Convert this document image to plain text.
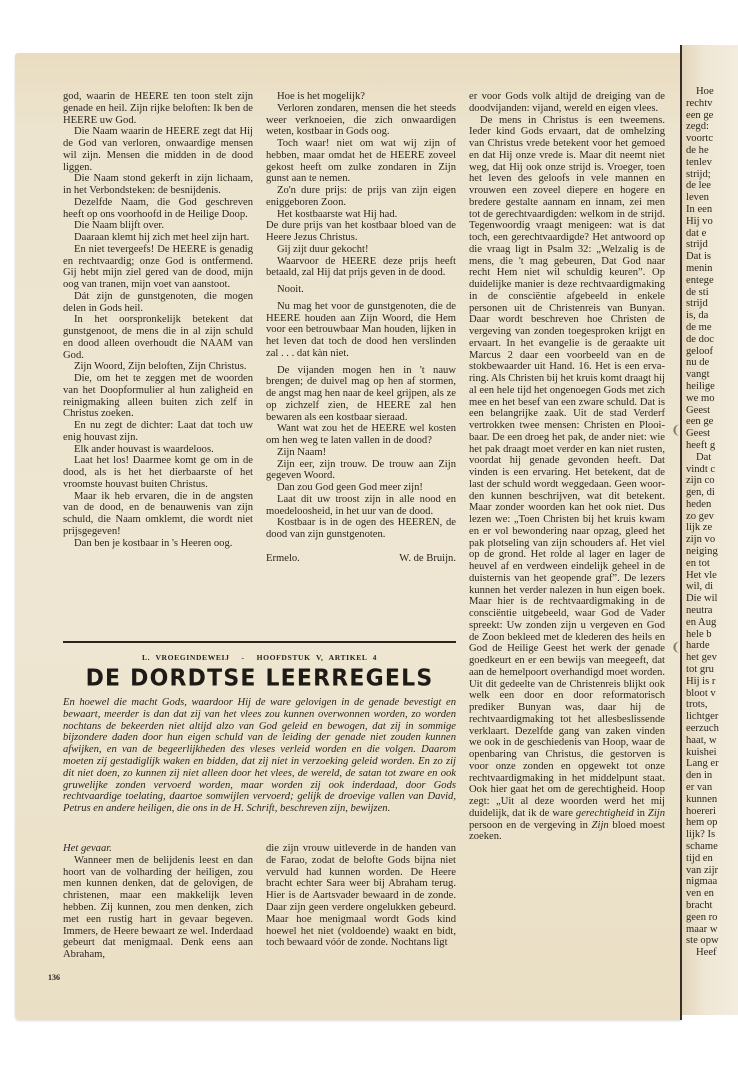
god, waarin de HEERE ten toon stelt zijn genade en heil. Zijn rijke beloften: Ik ben de HEERE uw God.

Die Naam waarin de HEERE zegt dat Hij de God van verloren, onwaardige mensen wil zijn. Mensen die midden in de dood liggen.

Die Naam stond gekerft in zijn lichaam, in het Verbondsteken: de besnijdenis.

Dezelfde Naam, die God geschreven heeft op ons voorhoofd in de Heilige Doop.

Die Naam blijft over.

Daaraan klemt hij zich met heel zijn hart.

En niet tevergeefs! De HEERE is genadig en rechtvaardig; onze God is ontfermend. Gij hebt mijn ziel gered van de dood, mijn oog van tranen, mijn voet van aanstoot.

Dát zijn de gunstgenoten, die mogen delen in Gods heil.

In het oorspronkelijk betekent dat gunstgenoot, de mens die in al zijn schuld en dood alleen overhoudt die NAAM van God.

Zijn Woord, Zijn beloften, Zijn Christus.

Die, om het te zeggen met de woorden van het Doopformulier al hun zaligheid en reinigmaking alleen buiten zich zelf in Christus zoeken.

En nu zegt de dichter: Laat dat toch uw enig houvast zijn.

Elk ander houvast is waardeloos.

Laat het los! Daarmee komt ge om in de dood, als is het het dierbaarste of het vroomste houvast buiten Christus.

Maar ik heb ervaren, die in de angsten van de dood, en de benauwenis van zijn schuld, die Naam omklemt, die wordt niet prijsgegeven!

Dan ben je kostbaar in 's Heeren oog.

Hoe is het mogelijk?

Verloren zondaren, mensen die het steeds weer verknoeien, die zich onwaardigen weten, kostbaar in Gods oog.

Toch waar! niet om wat wij zijn of hebben, maar omdat het de HEERE zoveel gekost heeft om zulke zondaren in Zijn gunst aan te nemen.

Zo'n dure prijs: de prijs van zijn eigen eniggeboren Zoon.

Het kostbaarste wat Hij had.

De dure prijs van het kostbaar bloed van de Heere Jezus Christus.

Gij zijt duur gekocht!

Waarvoor de HEERE deze prijs heeft betaald, zal Hij dat prijs geven in de dood.

Nooit.

Nu mag het voor de gunstgenoten, die de HEERE houden aan Zijn Woord, die Hem voor een betrouwbaar Man houden, lijken in het leven dat toch de dood hen verslinden zal . . . dat kàn niet.

De vijanden mogen hen in 't nauw brengen; de duivel mag op hen af stormen, de angst mag hen naar de keel grijpen, als ze op zichzelf zien, de HEERE zal hen bewaren als een kostbaar sieraad.

Want wat zou het de HEERE wel kosten om hen weg te laten vallen in de dood?

Zijn Naam!

Zijn eer, zijn trouw. De trouw aan Zijn gegeven Woord.

Dan zou God geen God meer zijn!

Laat dit uw troost zijn in alle nood en moedeloosheid, in het uur van de dood.

Kostbaar is in de ogen des HEEREN, de dood van zijn gunstgenoten.

Ermelo.	W. de Bruijn.
L. VROEGINDEWEIJ - HOOFDSTUK V, ARTIKEL 4
DE DORDTSE LEERREGELS
En hoewel die macht Gods, waardoor Hij de ware gelovigen in de genade bevestigt en bewaart, meerder is dan dat zij van het vlees zou kunnen overwonnen worden, zo worden nochtans de bekeerden niet altijd alzo van God geleid en bewogen, dat zij in sommige bijzondere daden door hun eigen schuld van de leiding der genade niet zouden kunnen afwijken, en van de begeerlijkheden des vleses verleid worden en die volgen. Daarom moeten zij gestadiglijk waken en bidden, dat zij niet in verzoeking geleid worden. En zo zij dit niet doen, zo kunnen zij niet alleen door het vlees, de wereld, de satan tot zware en ook gruwelijke zonden vervoerd worden, maar worden zij ook inderdaad, door Gods rechtvaardige toelating, daartoe somwijlen vervoerd; gelijk de droevige vallen van David, Petrus en andere heiligen, die ons in de H. Schrift, beschreven zijn, bewijzen.

Het gevaar.

Wanneer men de belijdenis leest en dan hoort van de volharding der heiligen, zou men kunnen denken, dat de gelovigen, de christenen, maar een makkelijk leven hebben. Zij kunnen, zou men denken, zich met een rustig hart in gevaar begeven. Immers, de Heere bewaart ze wel. Inderdaad gebeurt dat menigmaal. Denk eens aan Abraham,

die zijn vrouw uitleverde in de handen van de Farao, zodat de belofte Gods bijna niet vervuld had kunnen worden. De Heere bracht echter Sara weer bij Abraham terug. Hier is de Aartsvader bewaard in de zonde. Daar zijn geen verdere ongelukken gebeurd. Maar hoe menigmaal wordt Gods kind hoewel het niet (voldoende) waakt en bidt, toch bewaard vóór de zonde. Nochtans ligt

er voor Gods volk altijd de dreiging van de doodvijanden: vijand, wereld en eigen vlees.

De mens in Christus is een tweemens. Ieder kind Gods ervaart, dat de omhelzing van Christus vrede betekent voor het gemoed en dat Hij onze vrede is. Maar dit neemt niet weg, dat Hij ook onze strijd is. Vroeger, toen het leven des geloofs in vele mannen en vrouwen een zoveel diepere en hogere en bredere gestalte aannam en innam, zei men tot de gerechtvaardigden: welkom in de strijd. Tegenwoordig vraagt menigeen: wat is dat toch, een gerechtvaardigde? Het antwoord op die vraag ligt in Psalm 32: „Welzalig is de mens, die 't mag gebeuren, Dat God naar recht Hem niet wil schuldig keuren”. Op duidelijke manier is deze rechtvaardigmaking in de consciëntie afgebeeld in enkele personen uit de Christenreis van Bunyan. Daar wordt beschreven hoe Christen de vergeving van zonden toegesproken krijgt en ervaart. In het evangelie is de geraakte uit Marcus 2 daar een voorbeeld van en de stokbewaarder uit Hand. 16. Het is een ervaring. Als Christen bij het kruis komt draagt hij al een hele tijd het ongenoegen Gods met zich mee en het besef van een zware schuld. Dat is een belangrijke zaak. Uit de stad Verderf vertrokken twee mensen: Christen en Plooibaar. De een droeg het pak, de ander niet: wie het pak draagt moet verder en kan niet rusten, voordat hij genade gevonden heeft. Dat vinden is een ervaring. Het betekent, dat de last der schuld wordt weggedaan. Geen woorden kunnen beschrijven, wat dit betekent. Maar zonder woorden kan het ook niet. Dus lezen we: „Toen Christen bij het kruis kwam en er vol bewondering naar opzag, gleed het pak plotseling van zijn schouders af. Het viel op de grond. Het rolde al lager en lager de heuvel af en verdween eindelijk geheel in de duisternis van het geopende graf”. De lezers kunnen het verder nalezen in hun eigen boek. Maar hier is de rechtvaardigmaking in de consciëntie uitgebeeld, waar God de Vader spreekt: Uw zonden zijn u vergeven en God de Zoon bekleed met de klederen des heils en God de Heilige Geest het werk der genade goedkeurt en er een bewijs van meegeeft, dat aan de hemelpoort overhandigd moet worden. Uit dit gedeelte van de Christenreis blijkt ook welk een door en door reformatorisch prediker Bunyan was, daar hij de rechtvaardigmaking tot het allesbeslissende verklaart. Dezelfde gang van zaken vinden we ook in de geschiedenis van Hoop, waar de openbaring van Christus, die gestorven is voor onze zonden en opgewekt tot onze rechtvaardigmaking in het middelpunt staat. Ook hier gaat het om de gerechtigheid. Hoop zegt: „Uit al deze woorden werd het mij duidelijk, dat ik de ware gerechtigheid in Zijn persoon en de vergeving in Zijn bloed moest zoeken.

136
Hoe
rechtv
een ge
zegd:
voortc
de he
tenlev
strijd;
de lee
leven
In een
Hij vo
dat e
strijd
Dat is
menin
entege
de sti
strijd
is, da
de me
de doc
geloof
nu de
vangt
heilige
we mo
Geest
een ge
Geest
heeft g
Dat
vindt c
zijn co
gen, di
heden
zo gev
lijk ze
zijn vo
neiging
en tot
Het vle
wil, di
Die wil
neutra
en Aug
hele b
harde
het gev
tot gru
Hij is r
bloot v
trots,
lichtger
eerzuch
haat, w
kuishei
Lang er
den in
er van
kunnen
hoereri
hem op
lijk? Is
schame
tijd en
van zijr
nigmaa
ven en
bracht
geen ro
maar w
ste opw
Heef
❨
❨
